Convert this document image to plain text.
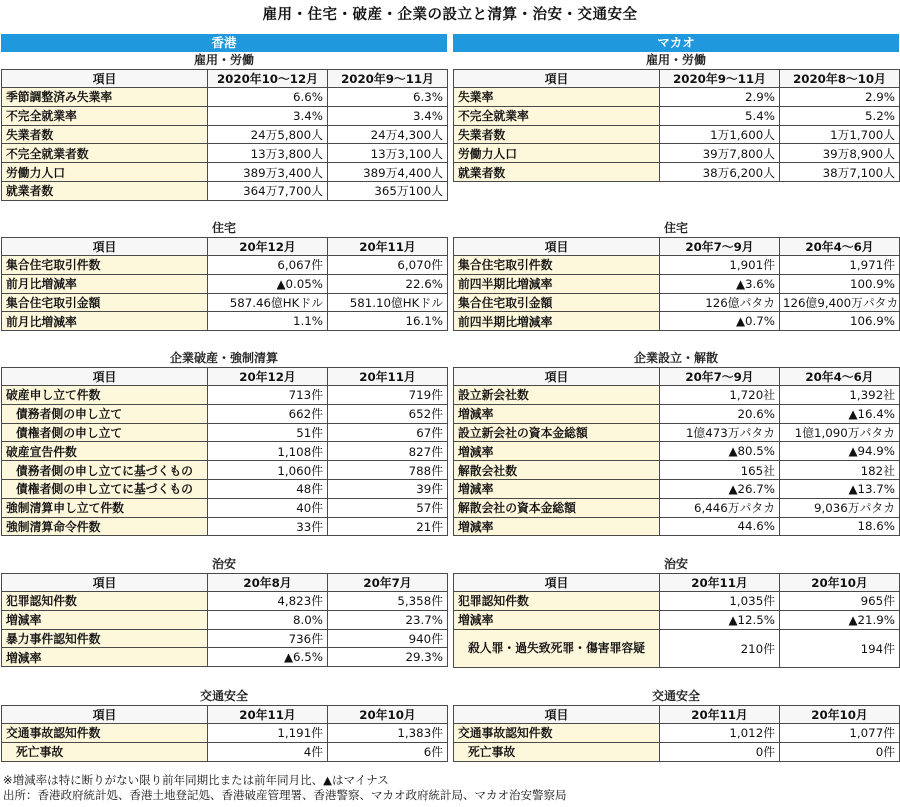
雇用・住宅・破産・企業の設立と清算・治安・交通安全
香港
雇用・労働
項目	2020年10〜12月	2020年9〜11月
季節調整済み失業率	6.6%	6.3%
不完全就業率	3.4%	3.4%
失業者数	24万5,800人	24万4,300人
不完全就業者数	13万3,800人	13万3,100人
労働力人口	389万3,400人	389万4,400人
就業者数	364万7,700人	365万100人
住宅
項目	20年12月	20年11月
集合住宅取引件数	6,067件	6,070件
前月比増減率	▲0.05%	22.6%
集合住宅取引金額	587.46億HKドル	581.10億HKドル
前月比増減率	1.1%	16.1%
企業破産・強制清算
項目	20年12月	20年11月
破産申し立て件数	713件	719件
債務者側の申し立て	662件	652件
債権者側の申し立て	51件	67件
破産宣告件数	1,108件	827件
債務者側の申し立てに基づくもの	1,060件	788件
債権者側の申し立てに基づくもの	48件	39件
強制清算申し立て件数	40件	57件
強制清算命令件数	33件	21件
治安
項目	20年8月	20年7月
犯罪認知件数	4,823件	5,358件
増減率	8.0%	23.7%
暴力事件認知件数	736件	940件
増減率	▲6.5%	29.3%
交通安全
項目	20年11月	20年10月
交通事故認知件数	1,191件	1,383件
死亡事故	4件	6件
マカオ
雇用・労働
項目	2020年9〜11月	2020年8〜10月
失業率	2.9%	2.9%
不完全就業率	5.4%	5.2%
失業者数	1万1,600人	1万1,700人
労働力人口	39万7,800人	39万8,900人
就業者数	38万6,200人	38万7,100人
住宅
項目	20年7〜9月	20年4〜6月
集合住宅取引件数	1,901件	1,971件
前四半期比増減率	▲3.6%	100.9%
集合住宅取引金額	126億パタカ	126億9,400万パタカ
前四半期比増減率	▲0.7%	106.9%
企業設立・解散
項目	20年7〜9月	20年4〜6月
設立新会社数	1,720社	1,392社
増減率	20.6%	▲16.4%
設立新会社の資本金総額	1億473万パタカ	1億1,090万パタカ
増減率	▲80.5%	▲94.9%
解散会社数	165社	182社
増減率	▲26.7%	▲13.7%
解散会社の資本金総額	6,446万パタカ	9,036万パタカ
増減率	44.6%	18.6%
治安
項目	20年11月	20年10月
犯罪認知件数	1,035件	965件
増減率	▲12.5%	▲21.9%
殺人罪・過失致死罪・傷害罪容疑	210件	194件
交通安全
項目	20年11月	20年10月
交通事故認知件数	1,012件	1,077件
死亡事故	0件	0件
※増減率は特に断りがない限り前年同期比または前年同月比、▲はマイナス
出所：香港政府統計処、香港土地登記処、香港破産管理署、香港警察、マカオ政府統計局、マカオ治安警察局
